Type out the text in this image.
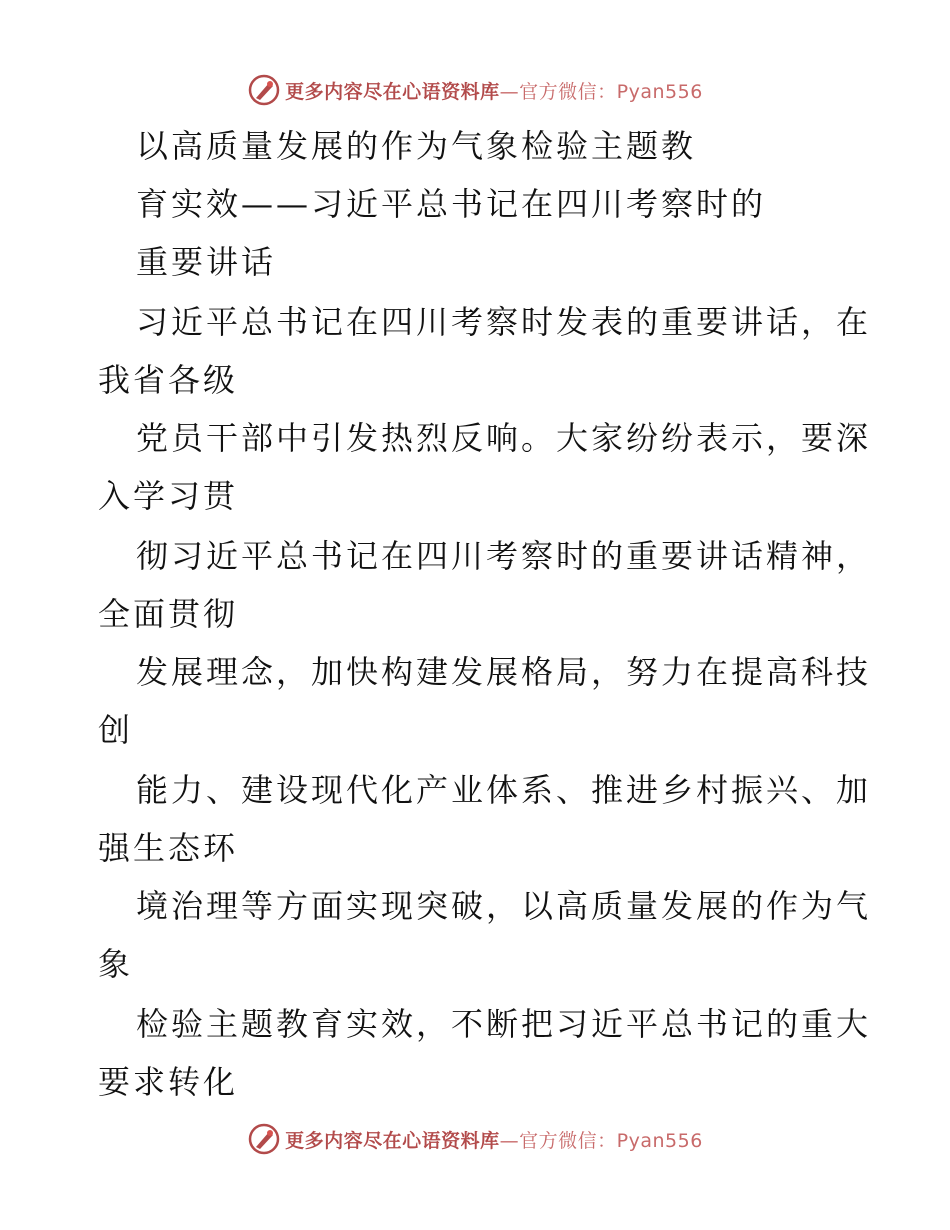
更多内容尽在心语资料库—官方微信：Pyan556
以高质量发展的作为气象检验主题教
育实效——习近平总书记在四川考察时的
重要讲话
习近平总书记在四川考察时发表的重要讲话，在
我省各级
党员干部中引发热烈反响。大家纷纷表示，要深
入学习贯
彻习近平总书记在四川考察时的重要讲话精神，
全面贯彻
发展理念，加快构建发展格局，努力在提高科技
创
能力、建设现代化产业体系、推进乡村振兴、加
强生态环
境治理等方面实现突破，以高质量发展的作为气
象
检验主题教育实效，不断把习近平总书记的重大
要求转化
更多内容尽在心语资料库—官方微信：Pyan556
